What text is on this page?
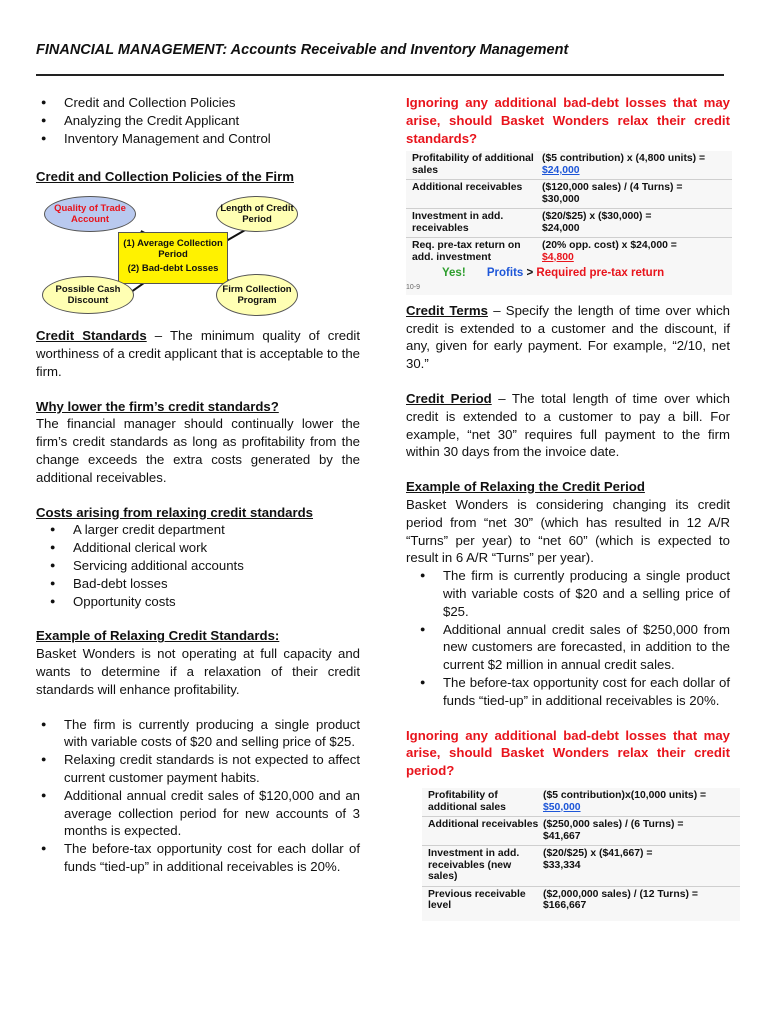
FINANCIAL MANAGEMENT: Accounts Receivable and Inventory Management
● Credit and Collection Policies
● Analyzing the Credit Applicant
● Inventory Management and Control
Credit and Collection Policies of the Firm
Quality of Trade Account
Length of Credit Period
(1) Average Collection Period
(2) Bad-debt Losses
Possible Cash Discount
Firm Collection Program
Credit Standards – The minimum quality of credit worthiness of a credit applicant that is acceptable to the firm.
Why lower the firm’s credit standards?
The financial manager should continually lower the firm’s credit standards as long as profitability from the change exceeds the extra costs generated by the additional receivables.
Costs arising from relaxing credit standards
● A larger credit department
● Additional clerical work
● Servicing additional accounts
● Bad-debt losses
● Opportunity costs
Example of Relaxing Credit Standards:
Basket Wonders is not operating at full capacity and wants to determine if a relaxation of their credit standards will enhance profitability.
● The firm is currently producing a single product with variable costs of $20 and selling price of $25.
● Relaxing credit standards is not expected to affect current customer payment habits.
● Additional annual credit sales of $120,000 and an average collection period for new accounts of 3 months is expected.
● The before-tax opportunity cost for each dollar of funds “tied-up” in additional receivables is 20%.
Ignoring any additional bad-debt losses that may arise, should Basket Wonders relax their credit standards?
Profitability of additional sales
($5 contribution) x (4,800 units) =
$24,000
Additional receivables	($120,000 sales) / (4 Turns) =
$30,000
Investment in add. receivables
($20/$25) x ($30,000) =
$24,000
Req. pre-tax return on add. investment
(20% opp. cost) x $24,000 =
$4,800
Yes! Profits > Required pre-tax return
10-9
Credit Terms – Specify the length of time over which credit is extended to a customer and the discount, if any, given for early payment. For example, “2/10, net 30.”
Credit Period – The total length of time over which credit is extended to a customer to pay a bill. For example, “net 30” requires full payment to the firm within 30 days from the invoice date.
Example of Relaxing the Credit Period
Basket Wonders is considering changing its credit period from “net 30” (which has resulted in 12 A/R “Turns” per year) to “net 60” (which is expected to result in 6 A/R “Turns” per year).
● The firm is currently producing a single product with variable costs of $20 and a selling price of $25.
● Additional annual credit sales of $250,000 from new customers are forecasted, in addition to the current $2 million in annual credit sales.
● The before-tax opportunity cost for each dollar of funds “tied-up” in additional receivables is 20%.
Ignoring any additional bad-debt losses that may arise, should Basket Wonders relax their credit period?
Profitability of additional sales
($5 contribution)x(10,000 units) =
$50,000
Additional receivables ($250,000 sales) / (6 Turns) =
$41,667
Investment in add. receivables (new sales)
($20/$25) x ($41,667) =
$33,334
Previous receivable level
($2,000,000 sales) / (12 Turns) =
$166,667
